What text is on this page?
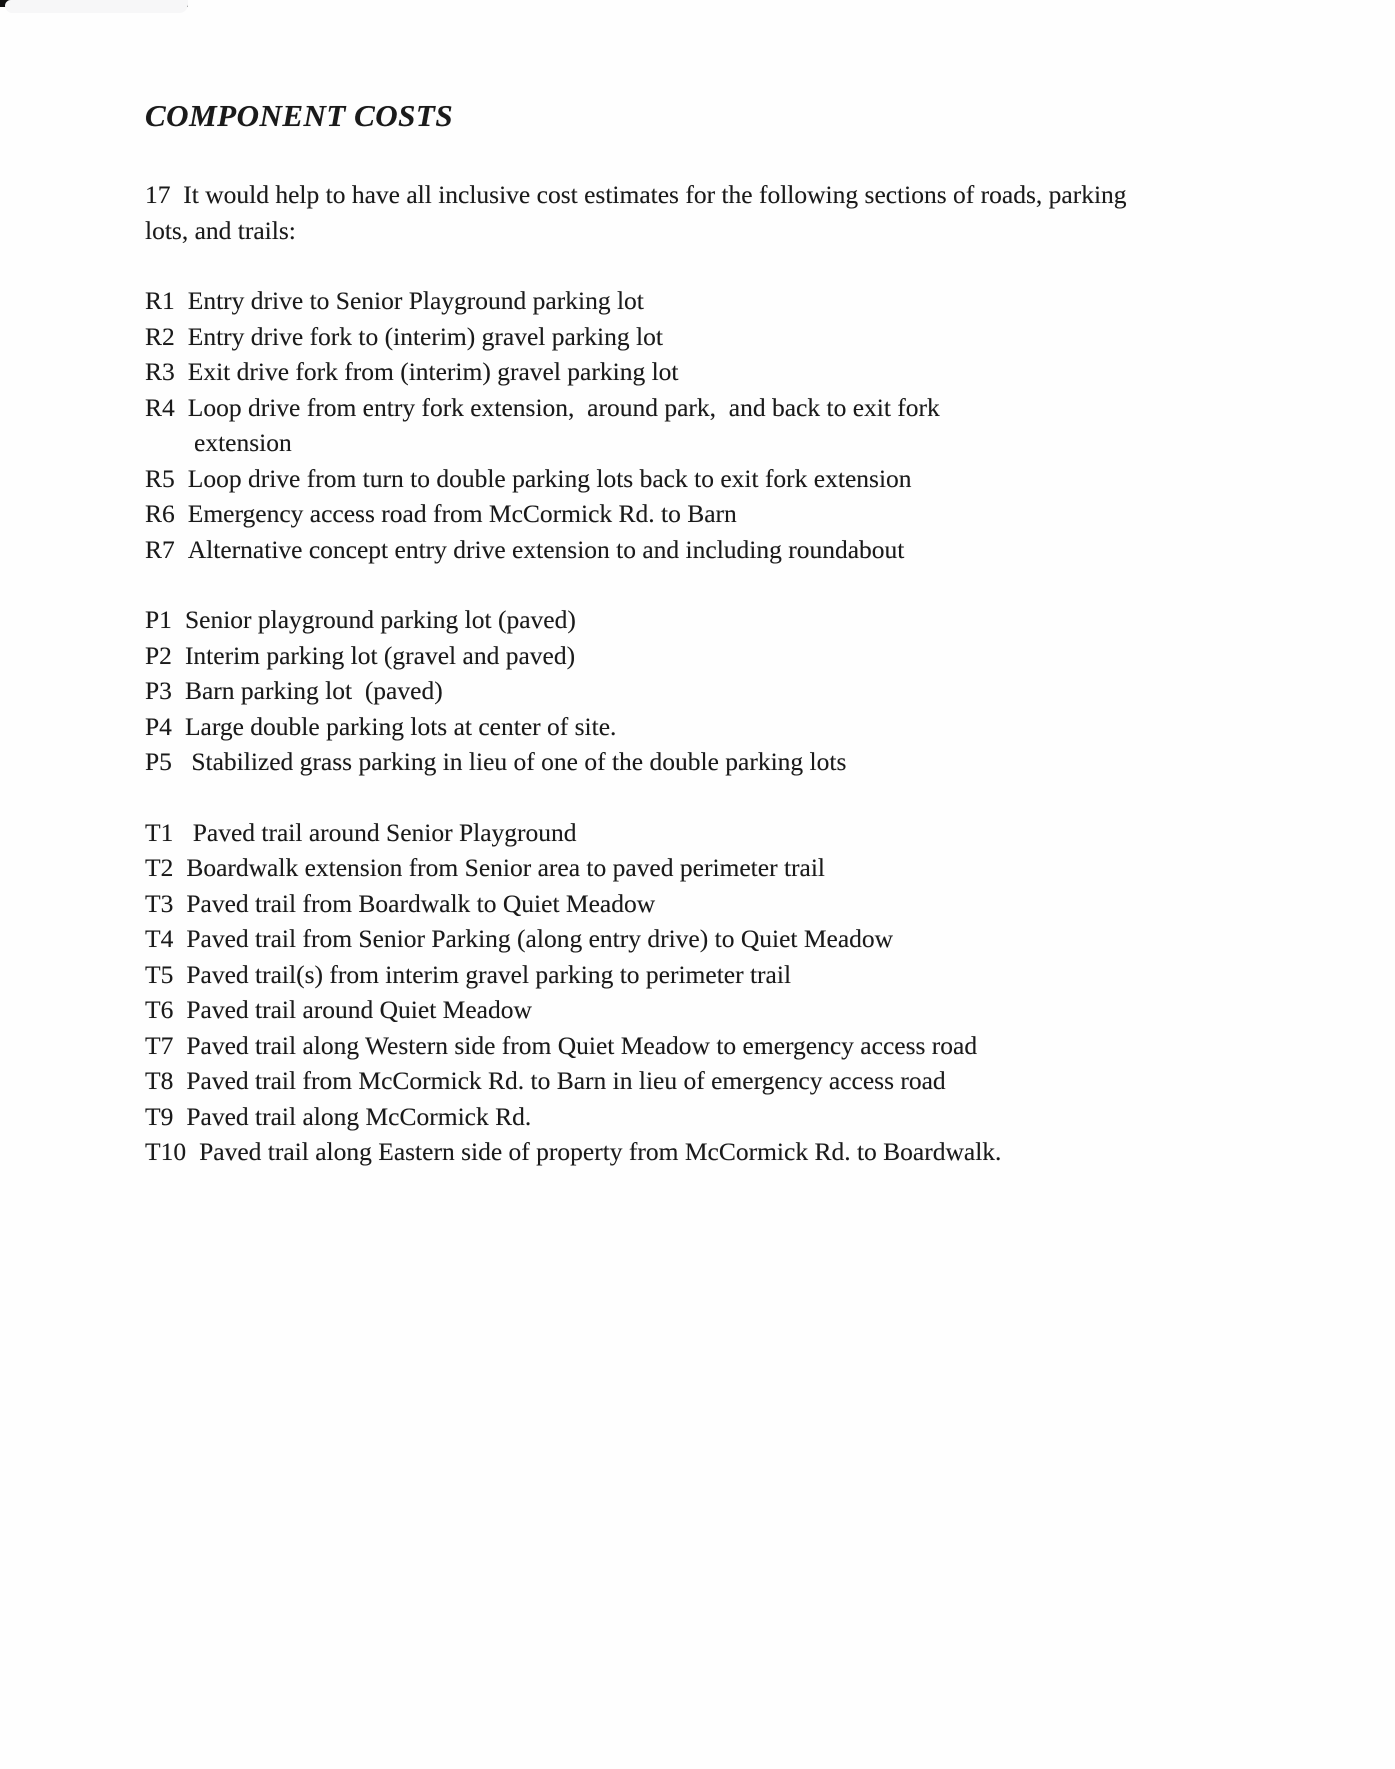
COMPONENT COSTS
17  It would help to have all inclusive cost estimates for the following sections of roads, parking
lots, and trails:
R1 Entry drive to Senior Playground parking lot
R2 Entry drive fork to (interim) gravel parking lot
R3 Exit drive fork from (interim) gravel parking lot
R4 Loop drive from entry fork extension,  around park,  and back to exit fork
extension
R5 Loop drive from turn to double parking lots back to exit fork extension
R6 Emergency access road from McCormick Rd. to Barn
R7 Alternative concept entry drive extension to and including roundabout
P1 Senior playground parking lot (paved)
P2 Interim parking lot (gravel and paved)
P3 Barn parking lot  (paved)
P4 Large double parking lots at center of site.
P5 Stabilized grass parking in lieu of one of the double parking lots
T1 Paved trail around Senior Playground
T2 Boardwalk extension from Senior area to paved perimeter trail
T3 Paved trail from Boardwalk to Quiet Meadow
T4 Paved trail from Senior Parking (along entry drive) to Quiet Meadow
T5 Paved trail(s) from interim gravel parking to perimeter trail
T6 Paved trail around Quiet Meadow
T7 Paved trail along Western side from Quiet Meadow to emergency access road
T8 Paved trail from McCormick Rd. to Barn in lieu of emergency access road
T9 Paved trail along McCormick Rd.
T10 Paved trail along Eastern side of property from McCormick Rd. to Boardwalk.
